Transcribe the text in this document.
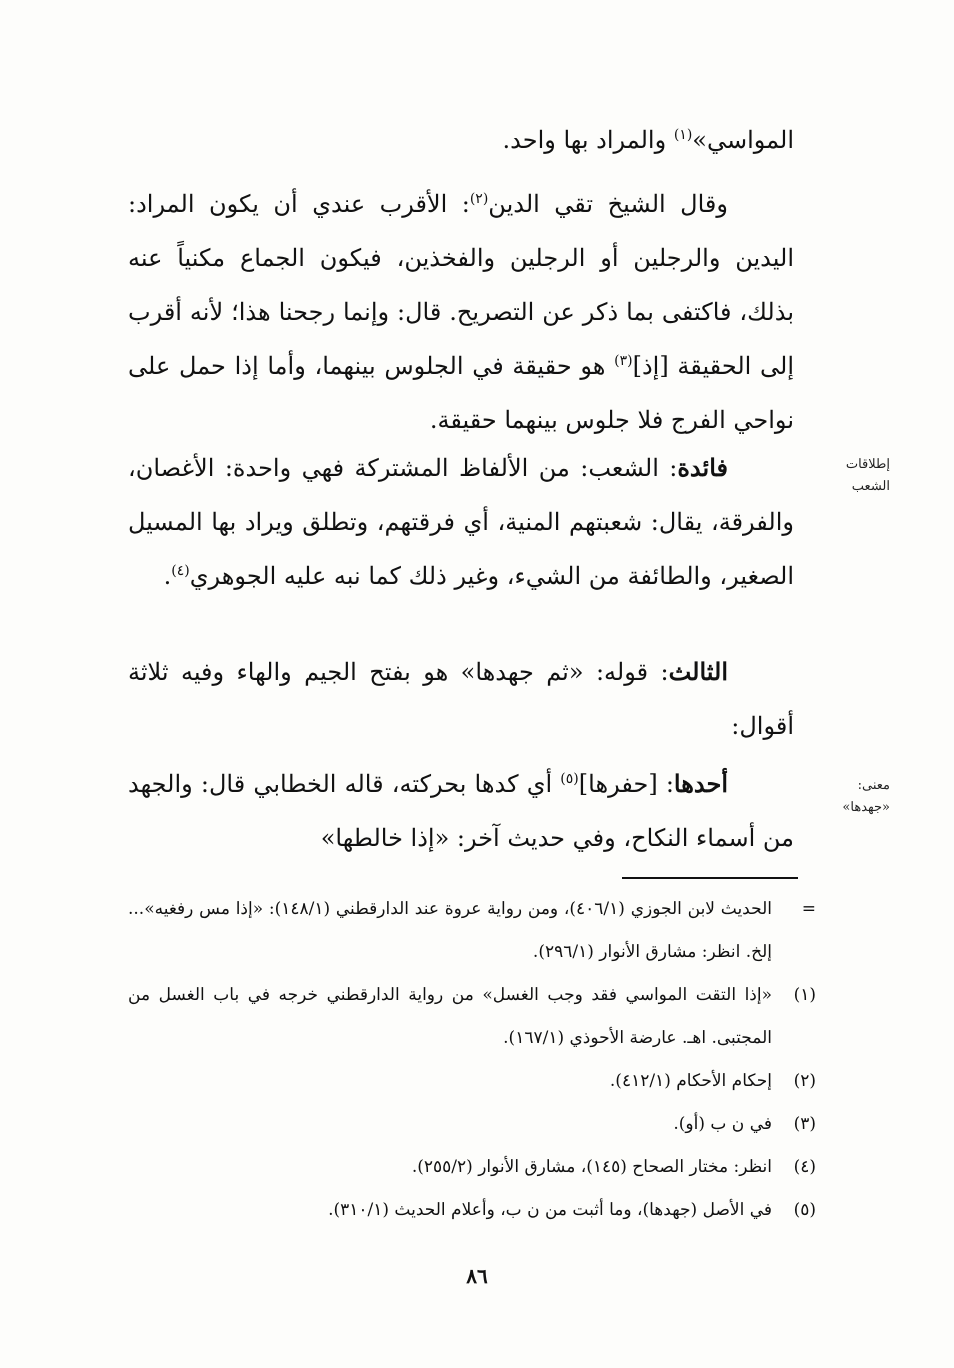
المواسي»$^{(١)}$ والمراد بها واحد.

وقال الشيخ تقي الدين$^{(٢)}$: الأقرب عندي أن يكون المراد: اليدين والرجلين أو الرجلين والفخذين، فيكون الجماع مكنياً عنه بذلك، فاكتفى بما ذكر عن التصريح. قال: وإنما رجحنا هذا؛ لأنه أقرب إلى الحقيقة [إذ]$^{(٣)}$ هو حقيقة في الجلوس بينهما، وأما إذا حمل على نواحي الفرج فلا جلوس بينهما حقيقة.

فائدة: الشعب: من الألفاظ المشتركة فهي واحدة: الأغصان، والفرقة، يقال: شعبتهم المنية، أي فرقتهم، وتطلق ويراد بها المسيل الصغير، والطائفة من الشيء، وغير ذلك كما نبه عليه الجوهري$^{(٤)}$.

الثالث: قوله: «ثم جهدها» هو بفتح الجيم والهاء وفيه ثلاثة أقوال:

أحدها: [حفرها]$^{(٥)}$ أي كدها بحركته، قاله الخطابي قال: والجهد من أسماء النكاح، وفي حديث آخر: «إذا خالطها»

إطلاقات
الشعب
معنى:
«جهدها»
=
الحديث لابن الجوزي (٤٠٦/١)، ومن رواية عروة عند الدارقطني (١٤٨/١): «إذا مس رفغيه»... إلخ. انظر: مشارق الأنوار (٢٩٦/١).
(١)
«إذا التقت المواسي فقد وجب الغسل» من رواية الدارقطني خرجه في باب الغسل من المجتبى. اهـ. عارضة الأحوذي (١٦٧/١).
(٢)
إحكام الأحكام (٤١٢/١).
(٣)
في ن ب (أو).
(٤)
انظر: مختار الصحاح (١٤٥)، مشارق الأنوار (٢٥٥/٢).
(٥)
في الأصل (جهدها)، وما أثبت من ن ب، وأعلام الحديث (٣١٠/١).
٨٦
